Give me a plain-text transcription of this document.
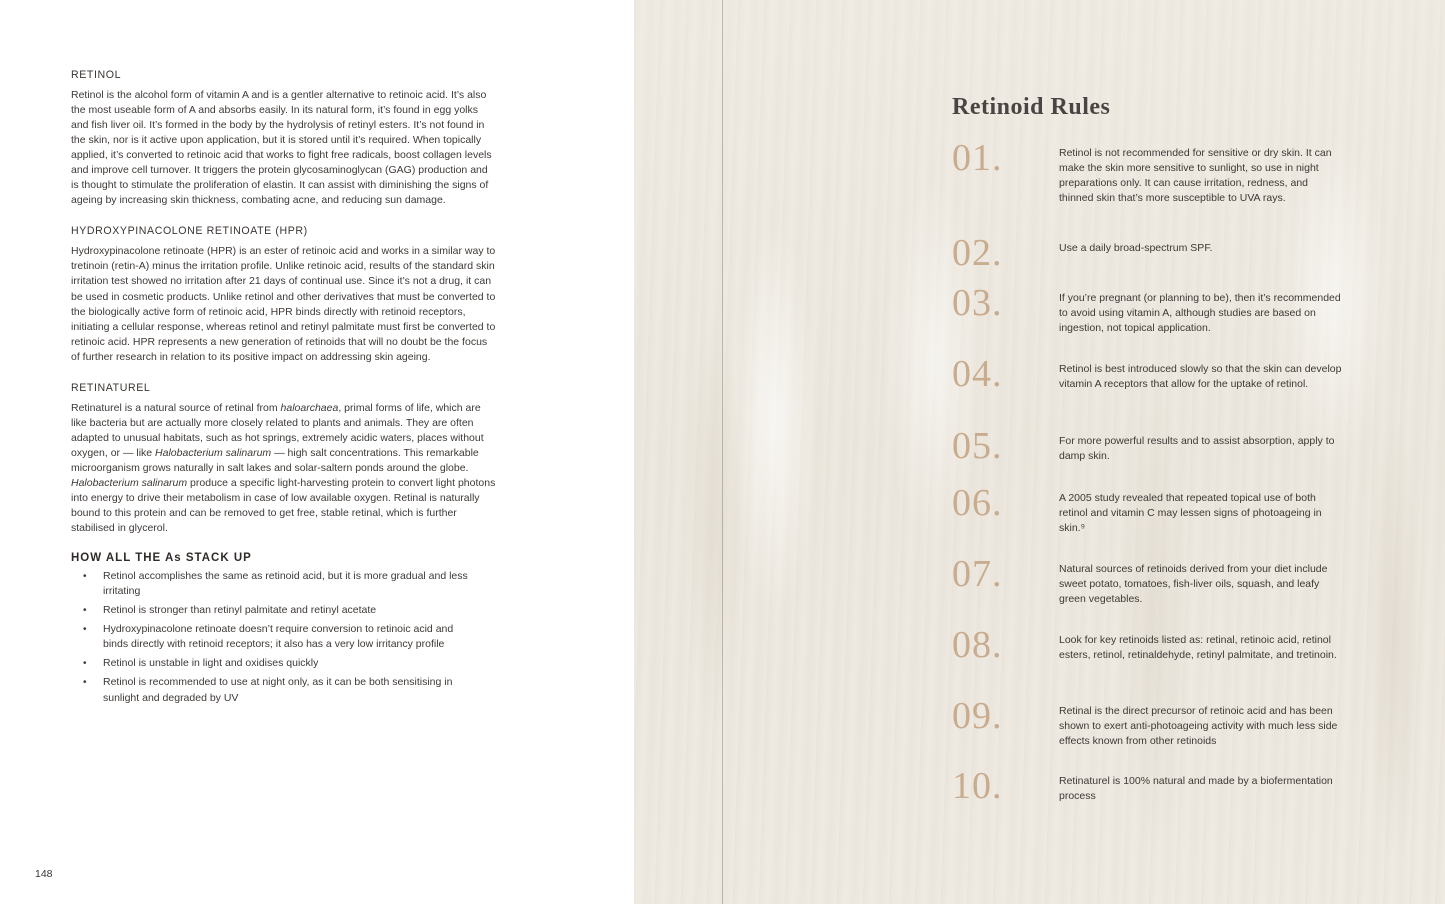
RETINOL

Retinol is the alcohol form of vitamin A and is a gentler alternative to retinoic acid. It’s also the most useable form of A and absorbs easily. In its natural form, it’s found in egg yolks and fish liver oil. It’s formed in the body by the hydrolysis of retinyl esters. It’s not found in the skin, nor is it active upon application, but it is stored until it’s required. When topically applied, it’s converted to retinoic acid that works to fight free radicals, boost collagen levels and improve cell turnover. It triggers the protein glycosaminoglycan (GAG) production and is thought to stimulate the proliferation of elastin. It can assist with diminishing the signs of ageing by increasing skin thickness, combating acne, and reducing sun damage.

HYDROXYPINACOLONE RETINOATE (HPR)

Hydroxypinacolone retinoate (HPR) is an ester of retinoic acid and works in a similar way to tretinoin (retin-A) minus the irritation profile. Unlike retinoic acid, results of the standard skin irritation test showed no irritation after 21 days of continual use. Since it’s not a drug, it can be used in cosmetic products. Unlike retinol and other derivatives that must be converted to the biologically active form of retinoic acid, HPR binds directly with retinoid receptors, initiating a cellular response, whereas retinol and retinyl palmitate must first be converted to retinoic acid. HPR represents a new generation of retinoids that will no doubt be the focus of further research in relation to its positive impact on addressing skin ageing.

RETINATUREL

Retinaturel is a natural source of retinal from haloarchaea, primal forms of life, which are like bacteria but are actually more closely related to plants and animals. They are often adapted to unusual habitats, such as hot springs, extremely acidic waters, places without oxygen, or — like Halobacterium salinarum — high salt concentrations. This remarkable microorganism grows naturally in salt lakes and solar-saltern ponds around the globe. Halobacterium salinarum produce a specific light-harvesting protein to convert light photons into energy to drive their metabolism in case of low available oxygen. Retinal is naturally bound to this protein and can be removed to get free, stable retinal, which is further stabilised in glycerol.

HOW ALL THE As STACK UP
• Retinol accomplishes the same as retinoid acid, but it is more gradual and less irritating
• Retinol is stronger than retinyl palmitate and retinyl acetate
• Hydroxypinacolone retinoate doesn’t require conversion to retinoic acid and binds directly with retinoid receptors; it also has a very low irritancy profile
• Retinol is unstable in light and oxidises quickly
• Retinol is recommended to use at night only, as it can be both sensitising in sunlight and degraded by UV
148
Retinoid Rules
01.	Retinol is not recommended for sensitive or dry skin. It can make the skin more sensitive to sunlight, so use in night preparations only. It can cause irritation, redness, and thinned skin that’s more susceptible to UVA rays.
02.	Use a daily broad-spectrum SPF.
03.	If you’re pregnant (or planning to be), then it’s recommended to avoid using vitamin A, although studies are based on ingestion, not topical application.
04.	Retinol is best introduced slowly so that the skin can develop vitamin A receptors that allow for the uptake of retinol.
05.	For more powerful results and to assist absorption, apply to damp skin.
06.	A 2005 study revealed that repeated topical use of both retinol and vitamin C may lessen signs of photoageing in skin.⁹
07.	Natural sources of retinoids derived from your diet include sweet potato, tomatoes, fish-liver oils, squash, and leafy green vegetables.
08.	Look for key retinoids listed as: retinal, retinoic acid, retinol esters, retinol, retinaldehyde, retinyl palmitate, and tretinoin.
09.	Retinal is the direct precursor of retinoic acid and has been shown to exert anti-photoageing activity with much less side effects known from other retinoids
10.	Retinaturel is 100% natural and made by a biofermentation process
